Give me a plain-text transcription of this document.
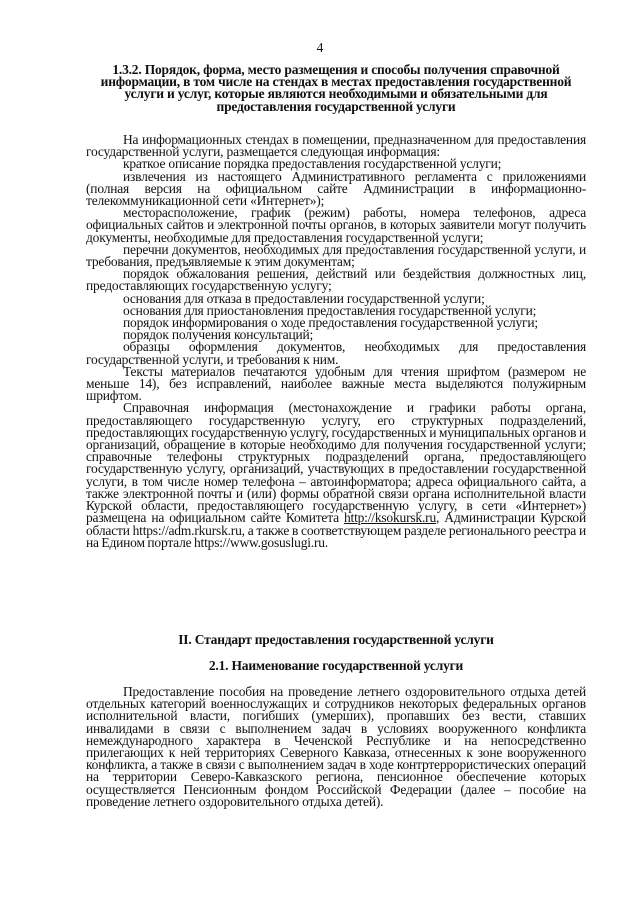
4
1.3.2. Порядок, форма, место размещения и способы получения справочной информации, в том числе на стендах в местах предоставления государственной услуги и услуг, которые являются необходимыми и обязательными для предоставления государственной услуги

На информационных стендах в помещении, предназначенном для предоставления государственной услуги, размещается следующая информация:

краткое описание порядка предоставления государственной услуги;

извлечения из настоящего Административного регламента с приложениями (полная версия на официальном сайте Администрации в информационно-телекоммуникационной сети «Интернет»);

месторасположение, график (режим) работы, номера телефонов, адреса официальных сайтов и электронной почты органов, в которых заявители могут получить документы, необходимые для предоставления государственной услуги;

перечни документов, необходимых для предоставления государственной услуги, и требования, предъявляемые к этим документам;

порядок обжалования решения, действий или бездействия должностных лиц, предоставляющих государственную услугу;

основания для отказа в предоставлении государственной услуги;

основания для приостановления предоставления государственной услуги;

порядок информирования о ходе предоставления государственной услуги;

порядок получения консультаций;

образцы оформления документов, необходимых для предоставления государственной услуги, и требования к ним.

Тексты материалов печатаются удобным для чтения шрифтом (размером не меньше 14), без исправлений, наиболее важные места выделяются полужирным шрифтом.

Справочная информация (местонахождение и графики работы органа, предоставляющего государственную услугу, его структурных подразделений, предоставляющих государственную услугу, государственных и муниципальных органов и организаций, обращение в которые необходимо для получения государственной услуги; справочные телефоны структурных подразделений органа, предоставляющего государственную услугу, организаций, участвующих в предоставлении государственной услуги, в том числе номер телефона – автоинформатора; адреса официального сайта, а также электронной почты и (или) формы обратной связи органа исполнительной власти Курской области, предоставляющего государственную услугу, в сети «Интернет») размещена на официальном сайте Комитета http://ksokursk.ru, Администрации Курской области https://adm.rkursk.ru, а также в соответствующем разделе регионального реестра и на Едином портале https://www.gosuslugi.ru.

II. Стандарт предоставления государственной услуги
2.1. Наименование государственной услуги

Предоставление пособия на проведение летнего оздоровительного отдыха детей отдельных категорий военнослужащих и сотрудников некоторых федеральных органов исполнительной власти, погибших (умерших), пропавших без вести, ставших инвалидами в связи с выполнением задач в условиях вооруженного конфликта немеждународного характера в Чеченской Республике и на непосредственно прилегающих к ней территориях Северного Кавказа, отнесенных к зоне вооруженного конфликта, а также в связи с выполнением задач в ходе контртеррористических операций на территории Северо-Кавказского региона, пенсионное обеспечение которых осуществляется Пенсионным фондом Российской Федерации (далее – пособие на проведение летнего оздоровительного отдыха детей).
